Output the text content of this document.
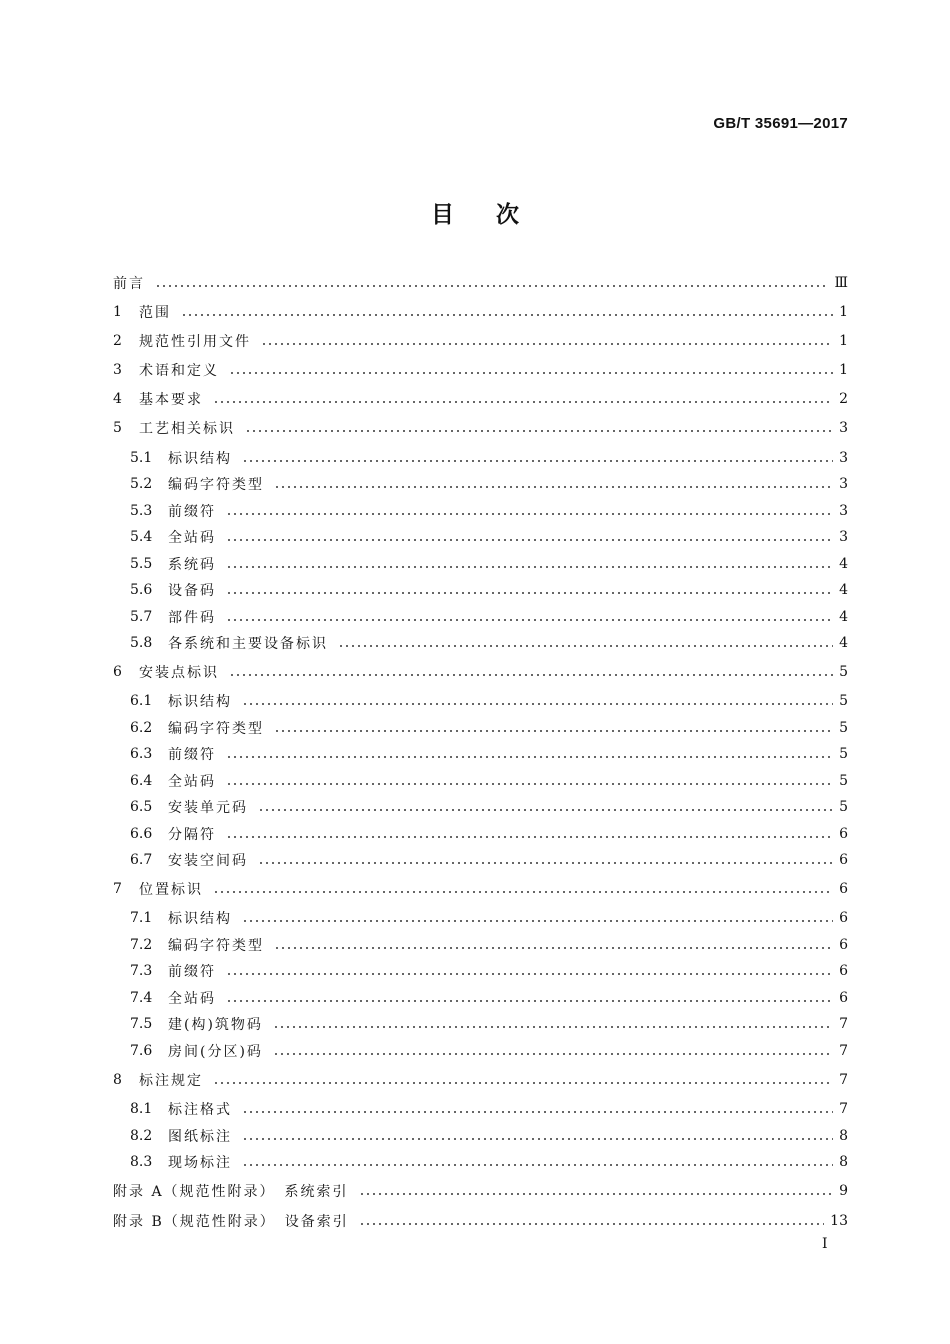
GB/T 35691—2017
目次
前言	Ⅲ
1	范围	1
2	规范性引用文件	1
3	术语和定义	1
4	基本要求	2
5	工艺相关标识	3
5.1	标识结构	3
5.2	编码字符类型	3
5.3	前缀符	3
5.4	全站码	3
5.5	系统码	4
5.6	设备码	4
5.7	部件码	4
5.8	各系统和主要设备标识	4
6	安装点标识	5
6.1	标识结构	5
6.2	编码字符类型	5
6.3	前缀符	5
6.4	全站码	5
6.5	安装单元码	5
6.6	分隔符	6
6.7	安装空间码	6
7	位置标识	6
7.1	标识结构	6
7.2	编码字符类型	6
7.3	前缀符	6
7.4	全站码	6
7.5	建(构)筑物码	7
7.6	房间(分区)码	7
8	标注规定	7
8.1	标注格式	7
8.2	图纸标注	8
8.3	现场标注	8
附录 A（规范性附录）　系统索引	9
附录 B（规范性附录）　设备索引	13
I
